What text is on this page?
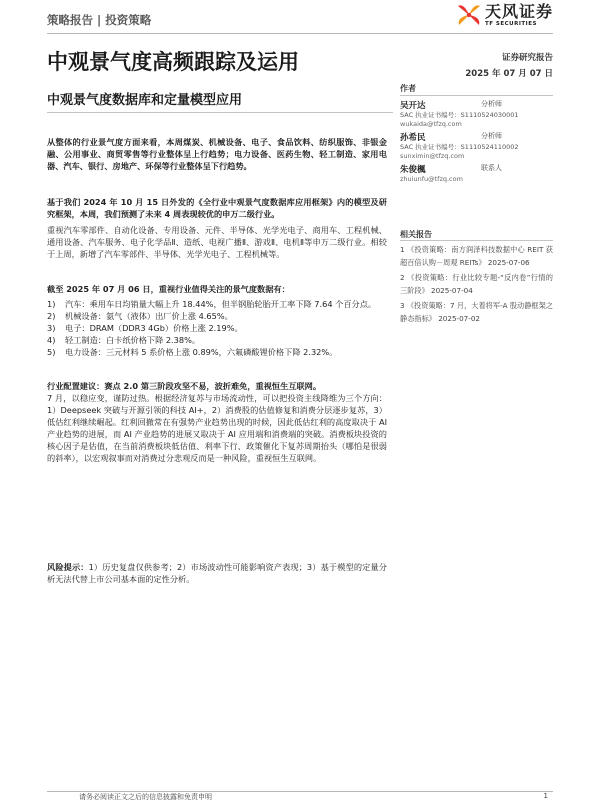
策略报告 | 投资策略	天风证券
TF SECURITIES
中观景气度高频跟踪及运用
中观景气度数据库和定量模型应用
证券研究报告
2025 年 07 月 07 日
作者
吴开达	分析师
SAC 执业证书编号：S1110524030001
wukaida@tfzq.com
孙希民	分析师
SAC 执业证书编号：S1110524110002
sunximin@tfzq.com
朱俊楓	联系人
zhuiunfu@tfzq.com
相关报告
1 《投资策略：南方润泽科技数据中心 REIT 获超百倍认购－周观 REITs》 2025-07-06
2 《投资策略：行业比较专题-“反内卷”行情的三阶段》 2025-07-04
3 《投资策略：7 月，大着将军-A 股动静框架之静态指标》 2025-07-02

从整体的行业景气度方面来看，本周煤炭、机械设备、电子、食品饮料、纺织服饰、非银金融、公用事业、商贸零售等行业整体呈上行趋势；电力设备、医药生物、轻工制造、家用电器、汽车、银行、房地产、环保等行业整体呈下行趋势。

基于我们 2024 年 10 月 15 日外发的《全行业中观景气度数据库应用框架》内的模型及研究框架，本周，我们预测了未来 4 周表现较优的申万二级行业。

重视汽车零部件、自动化设备、专用设备、元件、半导体、光学光电子、商用车、工程机械、通用设备、汽车服务、电子化学品Ⅱ、造纸、电视广播Ⅱ、游戏Ⅱ、电机Ⅱ等申万二级行业。相较于上周，新增了汽车零部件、半导体、光学光电子、工程机械等。

截至 2025 年 07 月 06 日，重视行业值得关注的景气度数据有：

1)	汽车：乘用车日均销量大幅上升 18.44%，但半钢胎轮胎开工率下降 7.64 个百分点。
2)	机械设备：氨气（液体）出厂价上涨 4.65%。
3)	电子：DRAM（DDR3 4Gb）价格上涨 2.19%。
4)	轻工制造：白卡纸价格下降 2.38%。
5)	电力设备：三元材料 5 系价格上涨 0.89%，六氟磷酸锂价格下降 2.32%。

行业配置建议：赛点 2.0 第三阶段攻坚不易，波折难免，重视恒生互联网。

7 月，以稳应变，谨防过热。根据经济复苏与市场流动性，可以把投资主线降维为三个方向：1）Deepseek 突破与开源引领的科技 AI+，2）消费股的估值修复和消费分层逐步复苏，3）低估红利继续崛起。红利回撤常在有强势产业趋势出现的时候，因此低估红利的高度取决于 AI 产业趋势的进展，而 AI 产业趋势的进展又取决于 AI 应用端和消费端的突破。消费板块投资的核心因子是估值，在当前消费板块低估值、利率下行、政策催化下复苏周期抬头（哪怕是很弱的斜率），以宏观叙事而对消费过分悲观反而是一种风险，重视恒生互联网。

风险提示：1）历史复盘仅供参考；2）市场波动性可能影响资产表现；3）基于模型的定量分析无法代替上市公司基本面的定性分析。

请务必阅读正文之后的信息披露和免责申明	1
